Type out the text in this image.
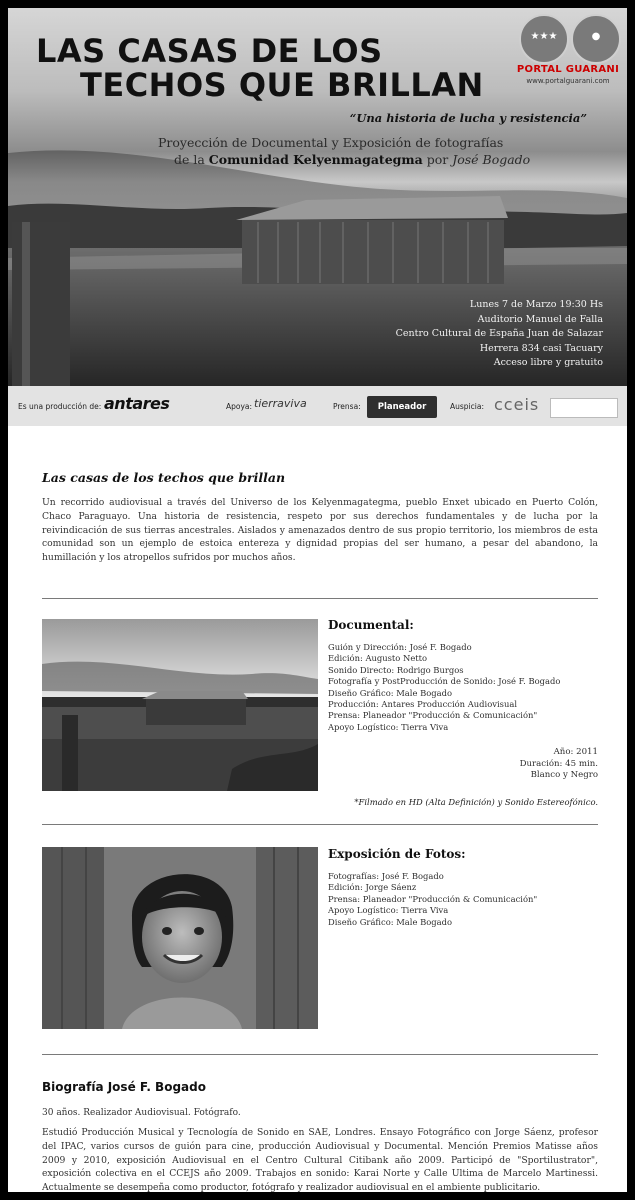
LAS CASAS DE LOS
TECHOS QUE BRILLAN
“Una historia de lucha y resistencia”
Proyección de Documental y Exposición de fotografías
de la Comunidad Kelyenmagategma por José Bogado
Lunes 7 de Marzo 19:30 Hs
Auditorio Manuel de Falla
Centro Cultural de España Juan de Salazar
Herrera 834 casi Tacuary
Acceso libre y gratuito
Es una producción de: antares	Apoya: tierraviva	Prensa:	Planeador	Auspicia: cceis
Las casas de los techos que brillan

Un recorrido audiovisual a través del Universo de los Kelyenmagategma, pueblo Enxet ubicado en Puerto Colón, Chaco Paraguayo. Una historia de resistencia, respeto por sus derechos fundamentales y de lucha por la reivindicación de sus tierras ancestrales. Aislados y amenazados dentro de sus propio territorio, los miembros de esta comunidad son un ejemplo de estoica entereza y dignidad propias del ser humano, a pesar del abandono, la humillación y los atropellos sufridos por muchos años.

Documental:
Guión y Dirección: José F. Bogado
Edición: Augusto Netto
Sonido Directo: Rodrigo Burgos
Fotografía y PostProducción de Sonido: José F. Bogado
Diseño Gráfico: Male Bogado
Producción: Antares Producción Audiovisual
Prensa: Planeador "Producción & Comunicación"
Apoyo Logístico: Tierra Viva
Año: 2011
Duración: 45 min.
Blanco y Negro
*Filmado en HD (Alta Definición) y Sonido Estereofónico.
Exposición de Fotos:
Fotografías: José F. Bogado
Edición: Jorge Sáenz
Prensa: Planeador "Producción & Comunicación"
Apoyo Logístico: Tierra Viva
Diseño Gráfico: Male Bogado
Biografía José F. Bogado
30 años. Realizador Audiovisual. Fotógrafo.

Estudió Producción Musical y Tecnología de Sonido en SAE, Londres. Ensayo Fotográfico con Jorge Sáenz, profesor del IPAC, varios cursos de guión para cine, producción Audiovisual y Documental. Mención Premios Matisse años 2009 y 2010, exposición Audiovisual en el Centro Cultural Citibank año 2009. Participó de "Sportilustrator", exposición colectiva en el CCEJS año 2009. Trabajos en sonido: Karai Norte y Calle Ultima de Marcelo Martinessi. Actualmente se desempeña como productor, fotógrafo y realizador audiovisual en el ambiente publicitario.

★★★	●
PORTAL GUARANI
www.portalguarani.com
